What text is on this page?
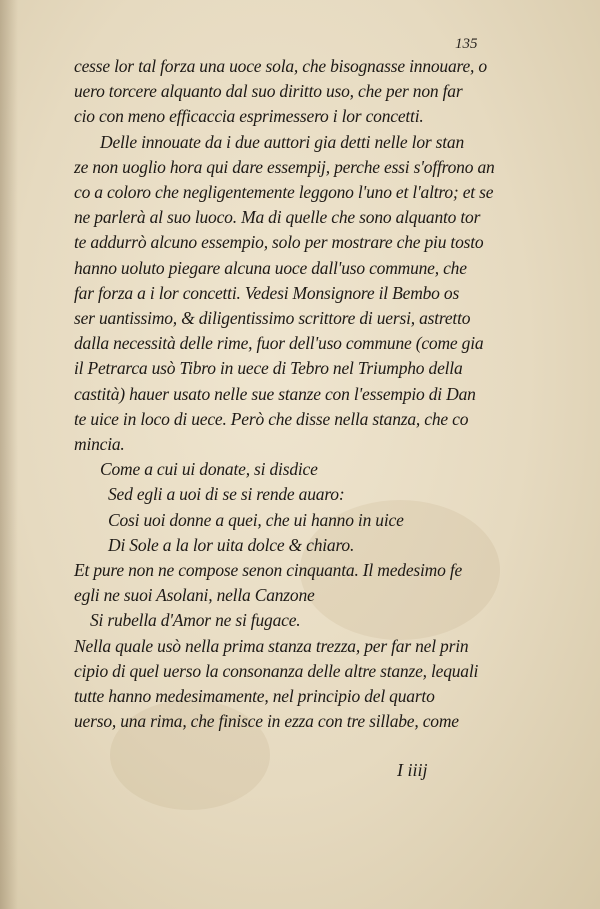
135
cesse lor tal forza una uoce sola, che bisognasse innouare, o
uero torcere alquanto dal suo diritto uso, che per non far
cio con meno efficaccia esprimessero i lor concetti.
Delle innouate da i due auttori gia detti nelle lor stan
ze non uoglio hora qui dare essempij, perche essi s'offrono an
co a coloro che negligentemente leggono l'uno et l'altro; et se
ne parlerà al suo luoco. Ma di quelle che sono alquanto tor
te addurrò alcuno essempio, solo per mostrare che piu tosto
hanno uoluto piegare alcuna uoce dall'uso commune, che
far forza a i lor concetti. Vedesi Monsignore il Bembo os
ser uantissimo, & diligentissimo scrittore di uersi, astretto
dalla necessità delle rime, fuor dell'uso commune (come gia
il Petrarca usò Tibro in uece di Tebro nel Triumpho della
castità) hauer usato nelle sue stanze con l'essempio di Dan
te uice in loco di uece. Però che disse nella stanza, che co
mincia.
Come a cui ui donate, si disdice
Sed egli a uoi di se si rende auaro:
Cosi uoi donne a quei, che ui hanno in uice
Di Sole a la lor uita dolce & chiaro.
Et pure non ne compose senon cinquanta. Il medesimo fe
egli ne suoi Asolani, nella Canzone
Si rubella d'Amor ne si fugace.
Nella quale usò nella prima stanza trezza, per far nel prin
cipio di quel uerso la consonanza delle altre stanze, lequali
tutte hanno medesimamente, nel principio del quarto
uerso, una rima, che finisce in ezza con tre sillabe, come
I iiij
